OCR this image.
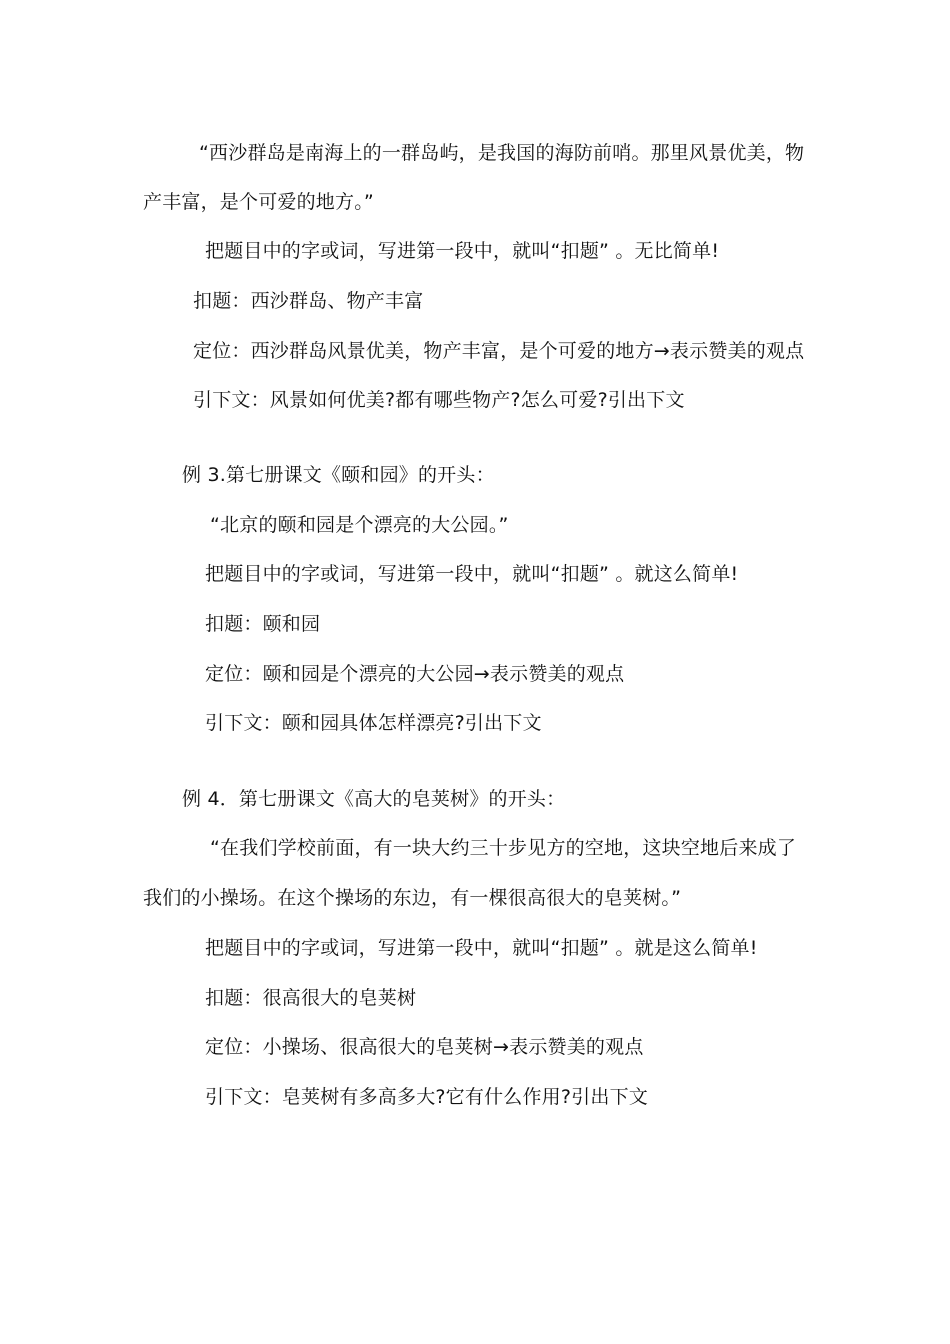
“西沙群岛是南海上的一群岛屿，是我国的海防前哨。那里风景优美，物
产丰富，是个可爱的地方。”
把题目中的字或词，写进第一段中，就叫“扣题” 。无比简单!
扣题：西沙群岛、物产丰富
定位：西沙群岛风景优美，物产丰富，是个可爱的地方→表示赞美的观点
引下文：风景如何优美?都有哪些物产?怎么可爱?引出下文
例 3.第七册课文《颐和园》的开头：
“北京的颐和园是个漂亮的大公园。”
把题目中的字或词，写进第一段中，就叫“扣题” 。就这么简单!
扣题：颐和园
定位：颐和园是个漂亮的大公园→表示赞美的观点
引下文：颐和园具体怎样漂亮?引出下文
例 4．第七册课文《高大的皂荚树》的开头：
“在我们学校前面，有一块大约三十步见方的空地，这块空地后来成了
我们的小操场。在这个操场的东边，有一棵很高很大的皂荚树。”
把题目中的字或词，写进第一段中，就叫“扣题” 。就是这么简单!
扣题：很高很大的皂荚树
定位：小操场、很高很大的皂荚树→表示赞美的观点
引下文：皂荚树有多高多大?它有什么作用?引出下文
